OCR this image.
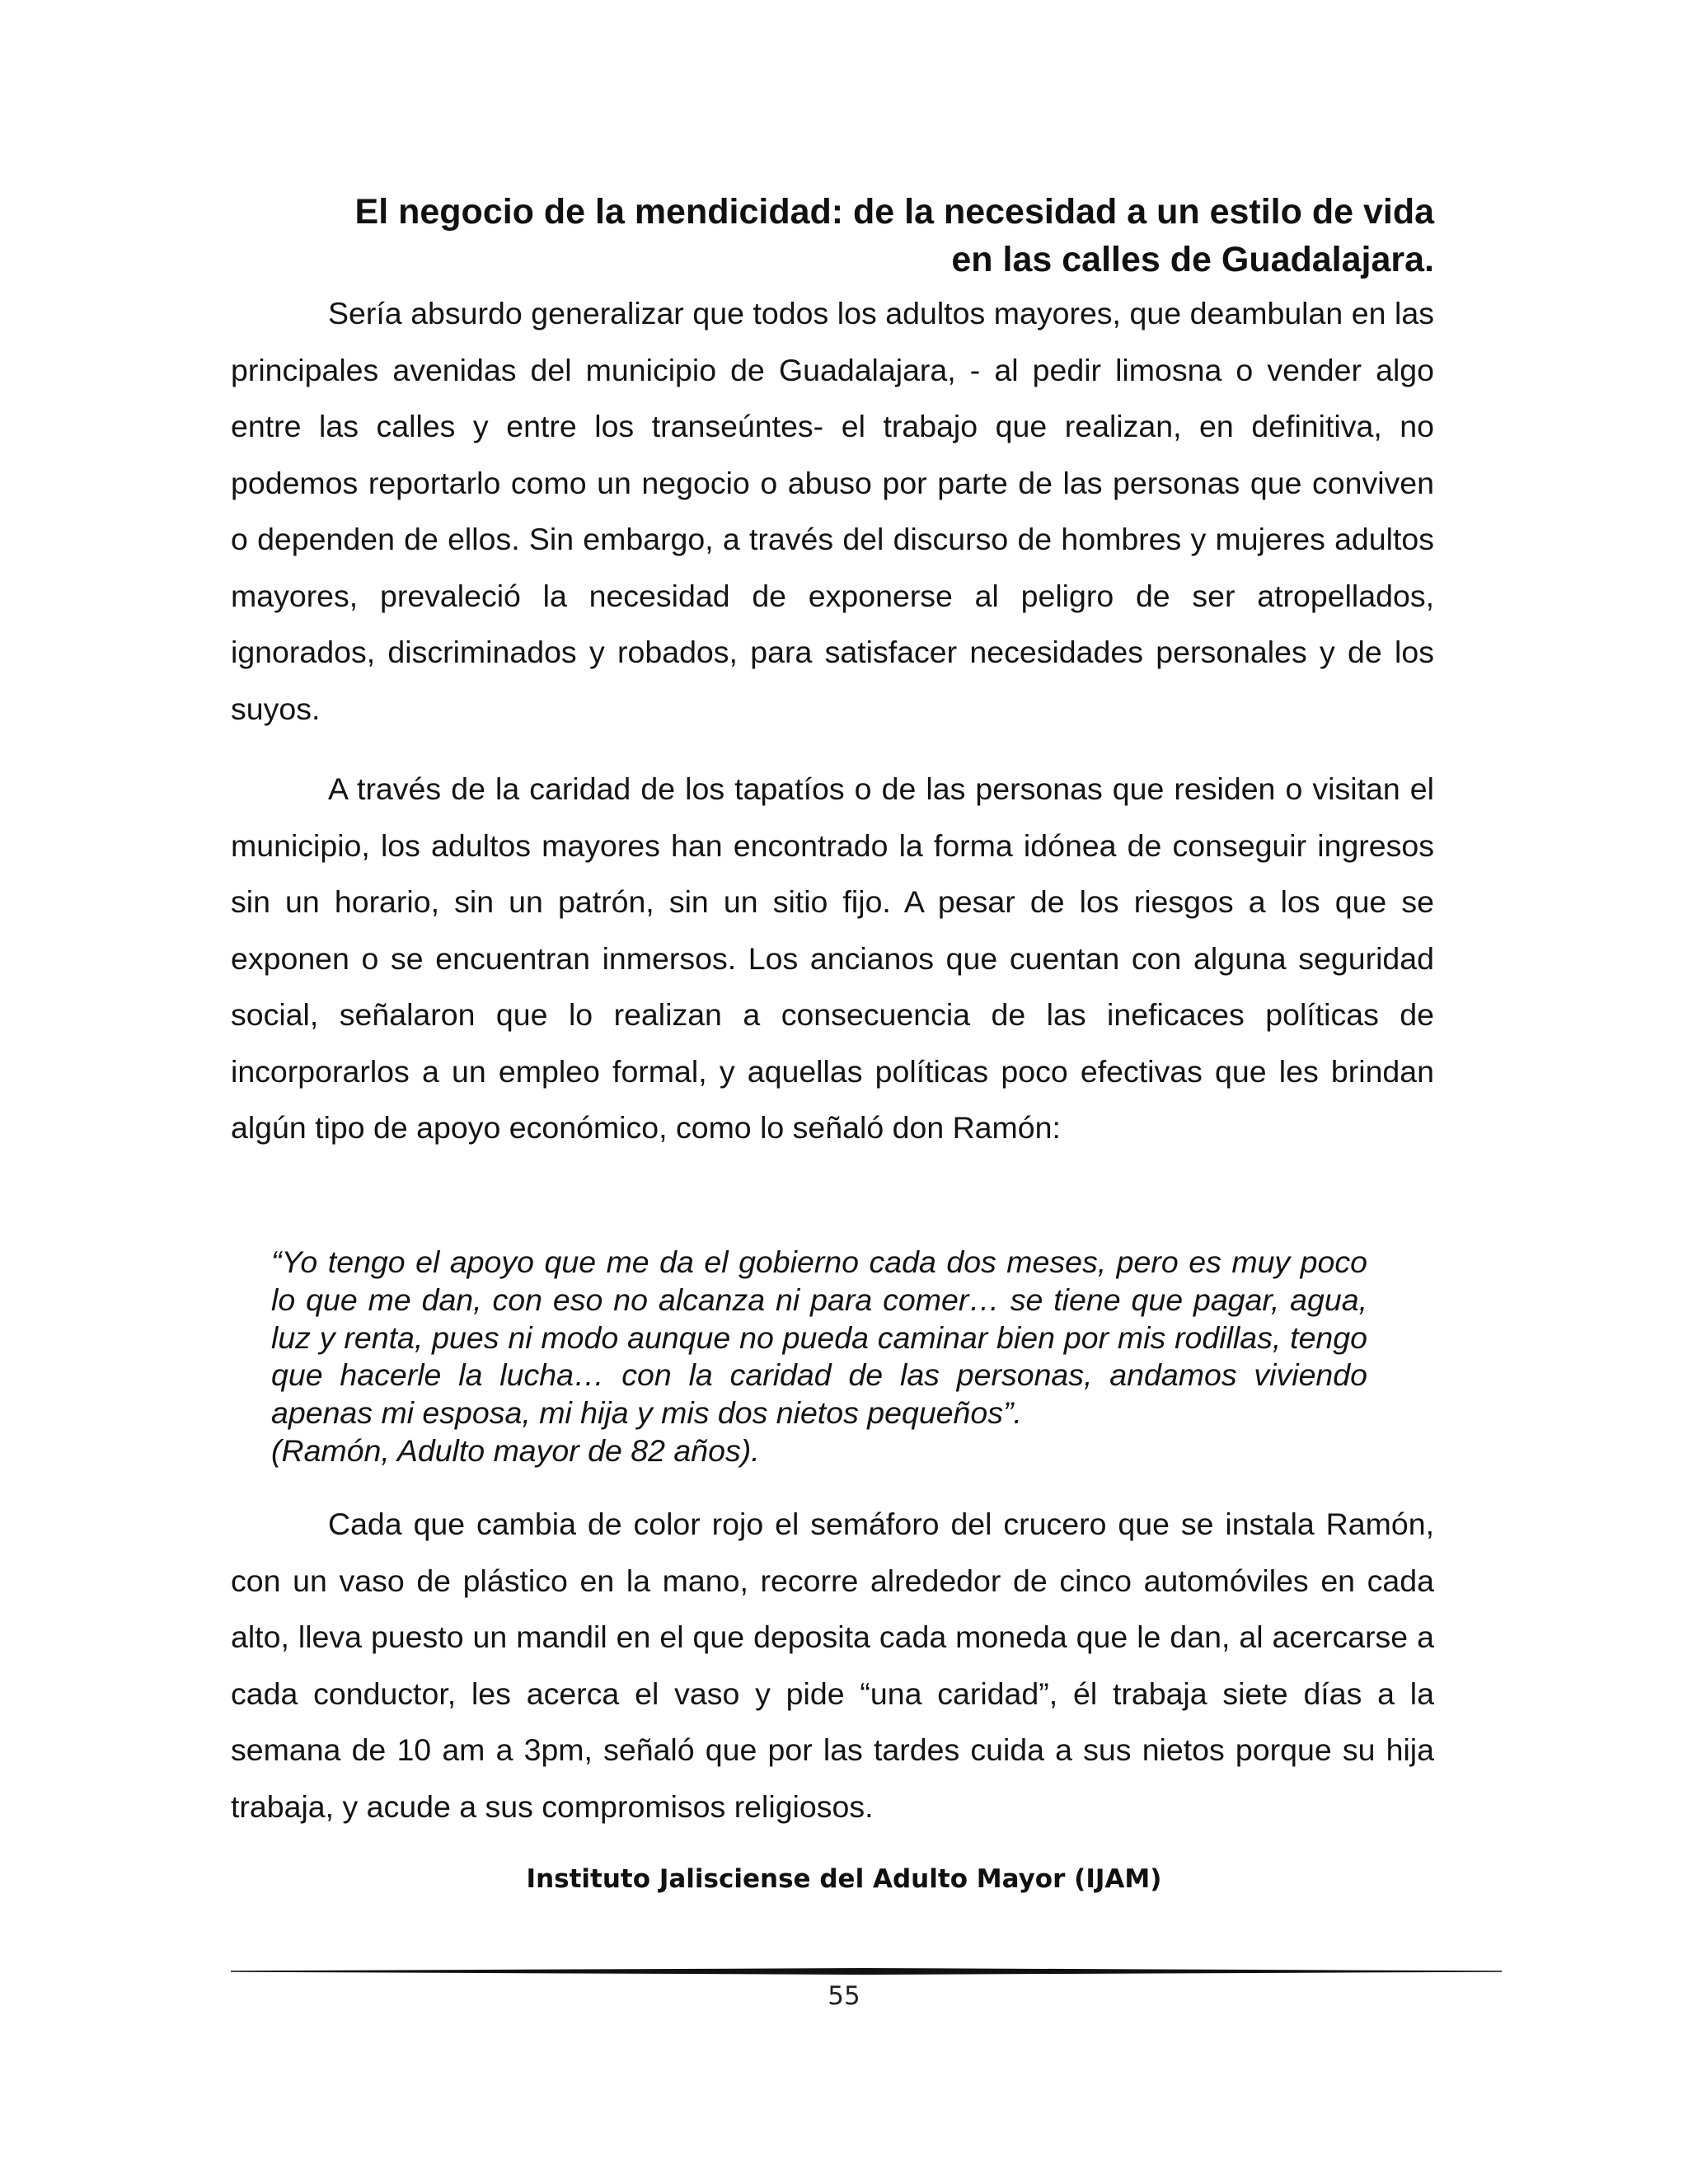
El negocio de la mendicidad: de la necesidad a un estilo de vida
en las calles de Guadalajara.

Sería absurdo generalizar que todos los adultos mayores, que deambulan en las principales avenidas del municipio de Guadalajara, - al pedir limosna o vender algo entre las calles y entre los transeúntes- el trabajo que realizan, en definitiva, no podemos reportarlo como un negocio o abuso por parte de las personas que conviven o dependen de ellos. Sin embargo, a través del discurso de hombres y mujeres adultos mayores, prevaleció la necesidad de exponerse al peligro de ser atropellados, ignorados, discriminados y robados, para satisfacer necesidades personales y de los suyos.

A través de la caridad de los tapatíos o de las personas que residen o visitan el municipio, los adultos mayores han encontrado la forma idónea de conseguir ingresos sin un horario, sin un patrón, sin un sitio fijo. A pesar de los riesgos a los que se exponen o se encuentran inmersos. Los ancianos que cuentan con alguna seguridad social, señalaron que lo realizan a consecuencia de las ineficaces políticas de incorporarlos a un empleo formal, y aquellas políticas poco efectivas que les brindan algún tipo de apoyo económico, como lo señaló don Ramón:

“Yo tengo el apoyo que me da el gobierno cada dos meses, pero es muy poco lo que me dan, con eso no alcanza ni para comer… se tiene que pagar, agua, luz y renta, pues ni modo aunque no pueda caminar bien por mis rodillas, tengo que hacerle la lucha… con la caridad de las personas, andamos viviendo apenas mi esposa, mi hija y mis dos nietos pequeños”.
(Ramón, Adulto mayor de 82 años).

Cada que cambia de color rojo el semáforo del crucero que se instala Ramón, con un vaso de plástico en la mano, recorre alrededor de cinco automóviles en cada alto, lleva puesto un mandil en el que deposita cada moneda que le dan, al acercarse a cada conductor, les acerca el vaso y pide “una caridad”, él trabaja siete días a la semana de 10 am a 3pm, señaló que por las tardes cuida a sus nietos porque su hija trabaja, y acude a sus compromisos religiosos.

Instituto Jalisciense del Adulto Mayor (IJAM)

55
